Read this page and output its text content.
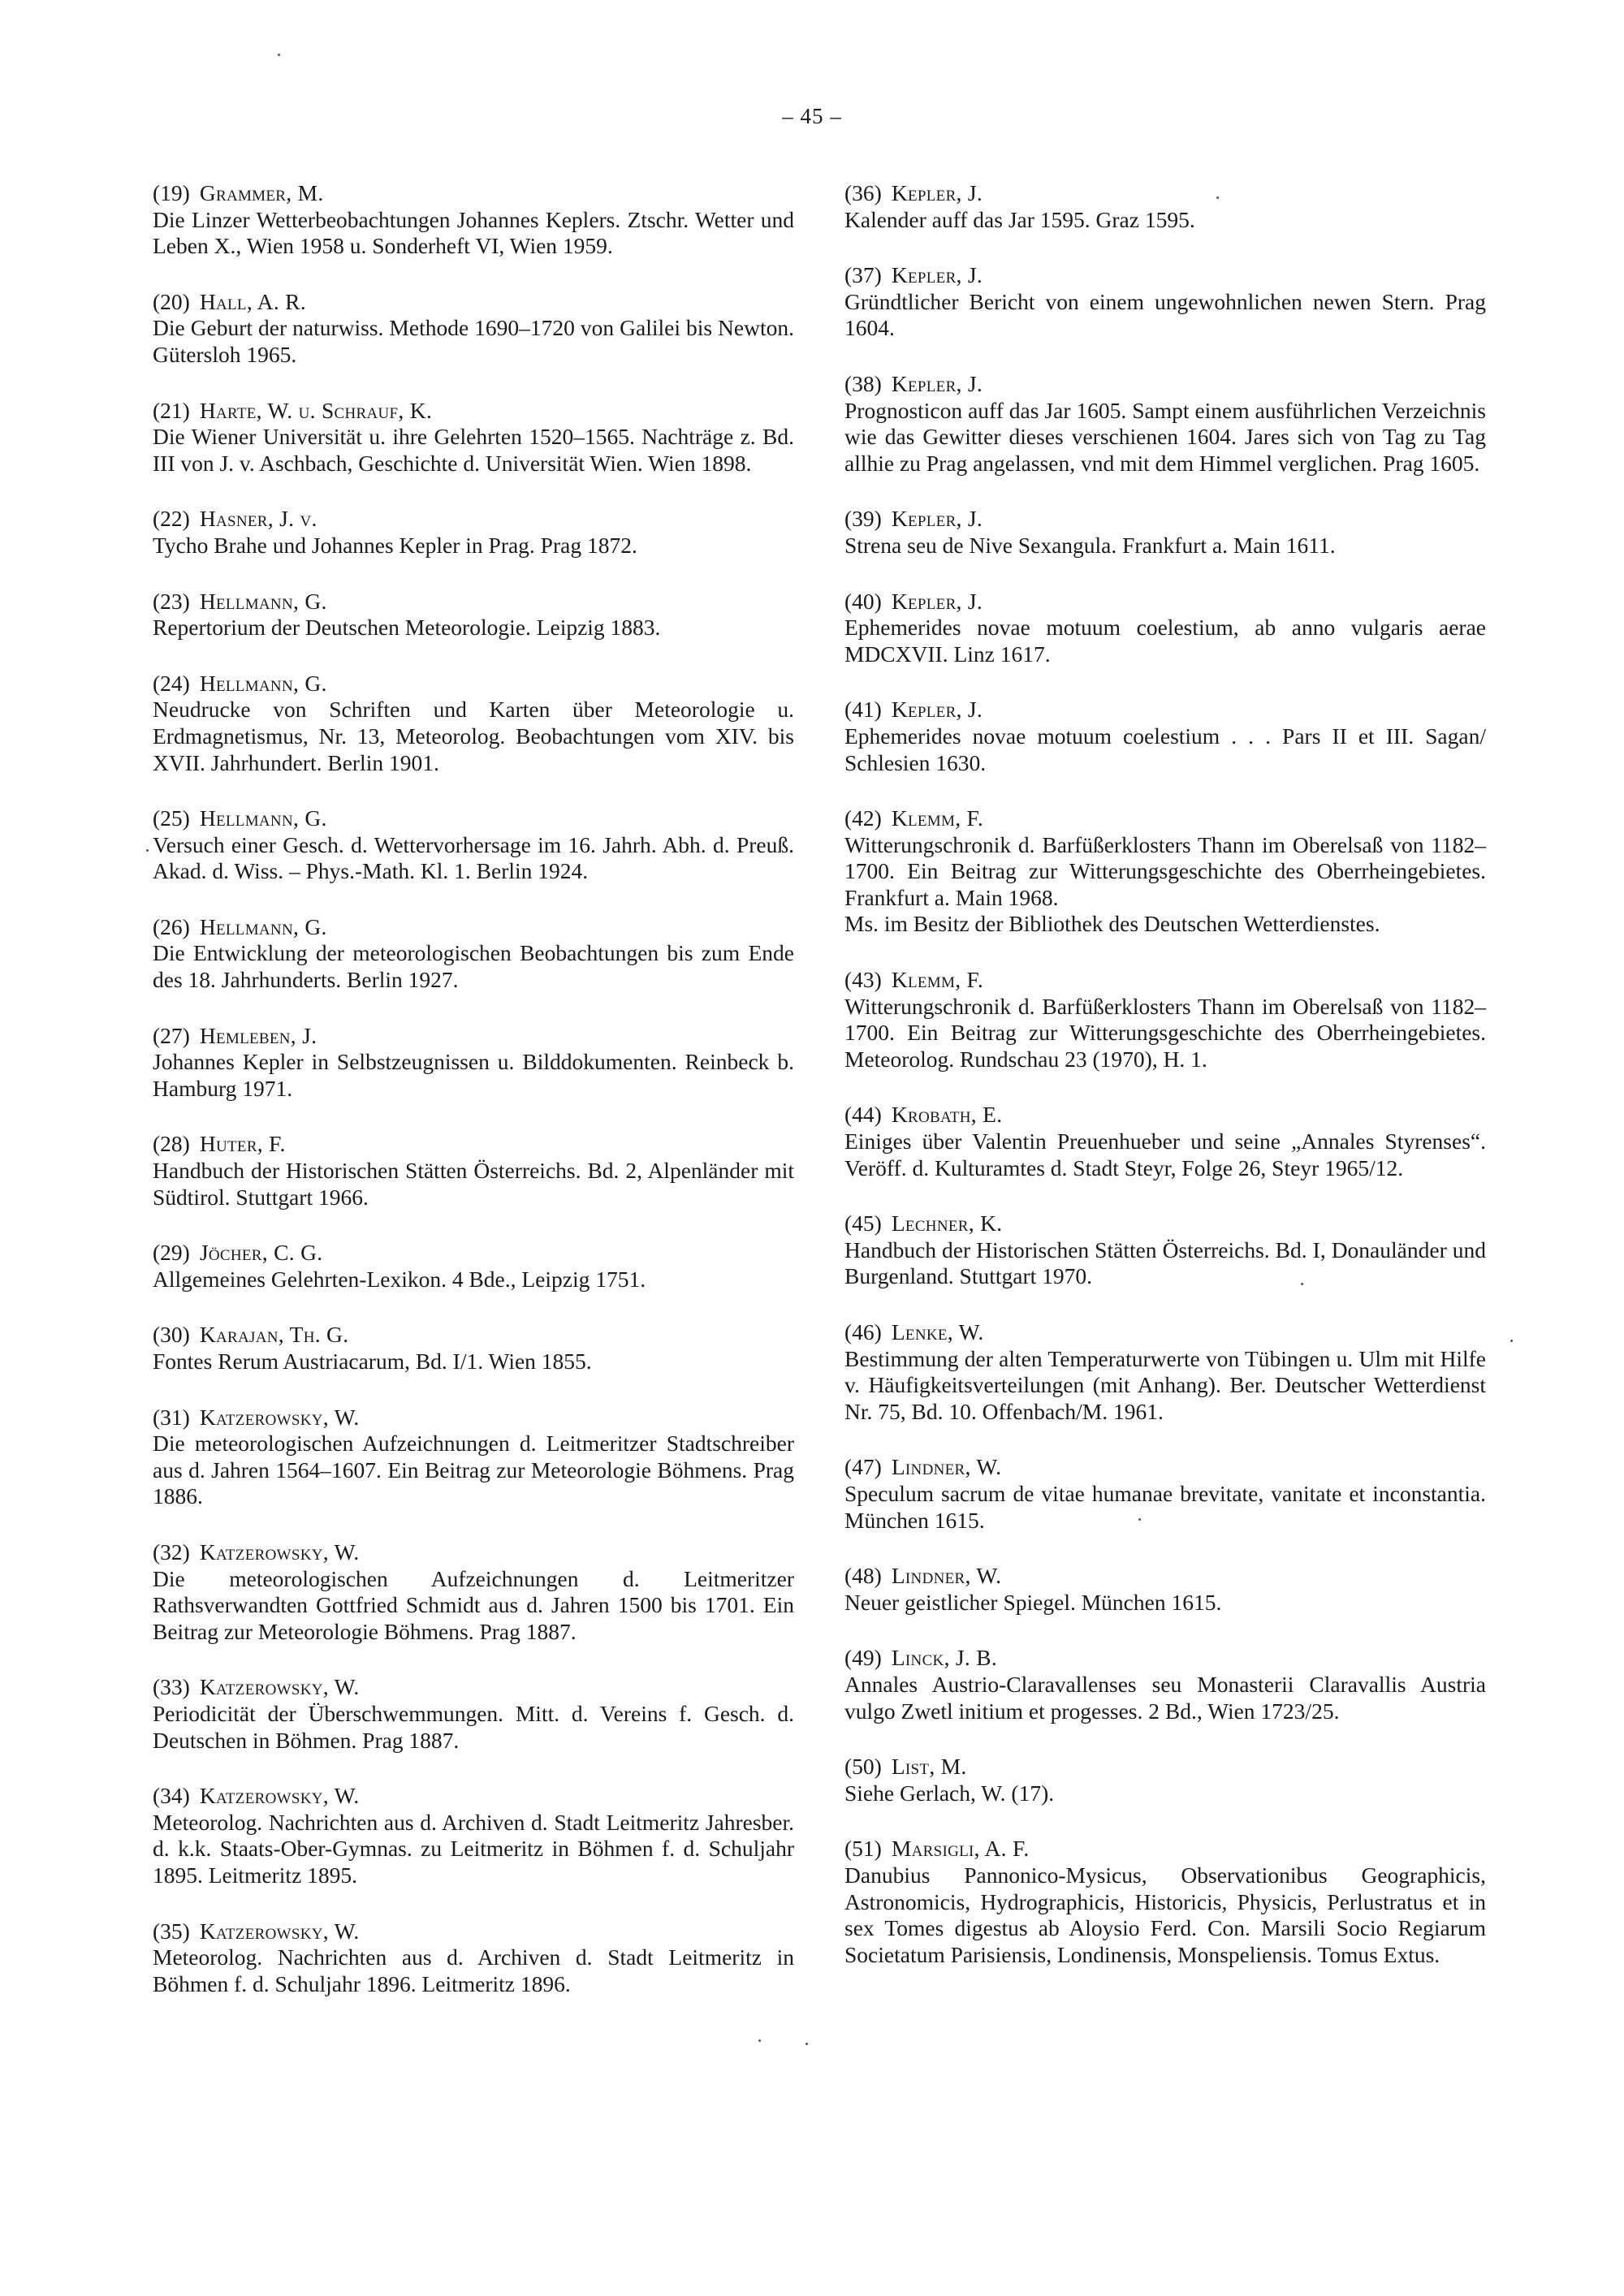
– 45 –
(19) Grammer, M.
Die Linzer Wetterbeobachtungen Johannes Keplers. Ztschr. Wetter und Leben X., Wien 1958 u. Sonderheft VI, Wien 1959.
(20) Hall, A. R.
Die Geburt der naturwiss. Methode 1690–1720 von Galilei bis Newton. Gütersloh 1965.
(21) Harte, W. u. Schrauf, K.
Die Wiener Universität u. ihre Gelehrten 1520–1565. Nachträge z. Bd. III von J. v. Aschbach, Geschichte d. Universität Wien. Wien 1898.
(22) Hasner, J. v.
Tycho Brahe und Johannes Kepler in Prag. Prag 1872.
(23) Hellmann, G.
Repertorium der Deutschen Meteorologie. Leipzig 1883.
(24) Hellmann, G.
Neudrucke von Schriften und Karten über Meteorologie u. Erdmagnetismus, Nr. 13, Meteorolog. Beobachtungen vom XIV. bis XVII. Jahrhundert. Berlin 1901.
(25) Hellmann, G.
Versuch einer Gesch. d. Wettervorhersage im 16. Jahrh. Abh. d. Preuß. Akad. d. Wiss. – Phys.-Math. Kl. 1. Berlin 1924.
(26) Hellmann, G.
Die Entwicklung der meteorologischen Beobachtungen bis zum Ende des 18. Jahrhunderts. Berlin 1927.
(27) Hemleben, J.
Johannes Kepler in Selbstzeugnissen u. Bilddokumenten. Reinbeck b. Hamburg 1971.
(28) Huter, F.
Handbuch der Historischen Stätten Österreichs. Bd. 2, Alpenländer mit Südtirol. Stuttgart 1966.
(29) Jöcher, C. G.
Allgemeines Gelehrten-Lexikon. 4 Bde., Leipzig 1751.
(30) Karajan, Th. G.
Fontes Rerum Austriacarum, Bd. I/1. Wien 1855.
(31) Katzerowsky, W.
Die meteorologischen Aufzeichnungen d. Leitmeritzer Stadtschreiber aus d. Jahren 1564–1607. Ein Beitrag zur Meteorologie Böhmens. Prag 1886.
(32) Katzerowsky, W.
Die meteorologischen Aufzeichnungen d. Leitmeritzer Rathsverwandten Gottfried Schmidt aus d. Jahren 1500 bis 1701. Ein Beitrag zur Meteorologie Böhmens. Prag 1887.
(33) Katzerowsky, W.
Periodicität der Überschwemmungen. Mitt. d. Vereins f. Gesch. d. Deutschen in Böhmen. Prag 1887.
(34) Katzerowsky, W.
Meteorolog. Nachrichten aus d. Archiven d. Stadt Leitmeritz Jahresber. d. k.k. Staats-Ober-Gymnas. zu Leitmeritz in Böhmen f. d. Schuljahr 1895. Leitmeritz 1895.
(35) Katzerowsky, W.
Meteorolog. Nachrichten aus d. Archiven d. Stadt Leitmeritz in Böhmen f. d. Schuljahr 1896. Leitmeritz 1896.
(36) Kepler, J.
Kalender auff das Jar 1595. Graz 1595.
(37) Kepler, J.
Gründtlicher Bericht von einem ungewohnlichen newen Stern. Prag 1604.
(38) Kepler, J.
Prognosticon auff das Jar 1605. Sampt einem ausführlichen Verzeichnis wie das Gewitter dieses verschienen 1604. Jares sich von Tag zu Tag allhie zu Prag angelassen, vnd mit dem Himmel verglichen. Prag 1605.
(39) Kepler, J.
Strena seu de Nive Sexangula. Frankfurt a. Main 1611.
(40) Kepler, J.
Ephemerides novae motuum coelestium, ab anno vulgaris aerae MDCXVII. Linz 1617.
(41) Kepler, J.
Ephemerides novae motuum coelestium . . . Pars II et III. Sagan/ Schlesien 1630.
(42) Klemm, F.
Witterungschronik d. Barfüßerklosters Thann im Oberelsaß von 1182–1700. Ein Beitrag zur Witterungsgeschichte des Oberrheingebietes. Frankfurt a. Main 1968.
Ms. im Besitz der Bibliothek des Deutschen Wetterdienstes.
(43) Klemm, F.
Witterungschronik d. Barfüßerklosters Thann im Oberelsaß von 1182–1700. Ein Beitrag zur Witterungsgeschichte des Oberrheingebietes. Meteorolog. Rundschau 23 (1970), H. 1.
(44) Krobath, E.
Einiges über Valentin Preuenhueber und seine „Annales Styrenses“. Veröff. d. Kulturamtes d. Stadt Steyr, Folge 26, Steyr 1965/12.
(45) Lechner, K.
Handbuch der Historischen Stätten Österreichs. Bd. I, Donauländer und Burgenland. Stuttgart 1970.
(46) Lenke, W.
Bestimmung der alten Temperaturwerte von Tübingen u. Ulm mit Hilfe v. Häufigkeitsverteilungen (mit Anhang). Ber. Deutscher Wetterdienst Nr. 75, Bd. 10. Offenbach/M. 1961.
(47) Lindner, W.
Speculum sacrum de vitae humanae brevitate, vanitate et inconstantia. München 1615.
(48) Lindner, W.
Neuer geistlicher Spiegel. München 1615.
(49) Linck, J. B.
Annales Austrio-Claravallenses seu Monasterii Claravallis Austria vulgo Zwetl initium et progesses. 2 Bd., Wien 1723/25.
(50) List, M.
Siehe Gerlach, W. (17).
(51) Marsigli, A. F.
Danubius Pannonico-Mysicus, Observationibus Geographicis, Astronomicis, Hydrographicis, Historicis, Physicis, Perlustratus et in sex Tomes digestus ab Aloysio Ferd. Con. Marsili Socio Regiarum Societatum Parisiensis, Londinensis, Monspeliensis. Tomus Extus.
